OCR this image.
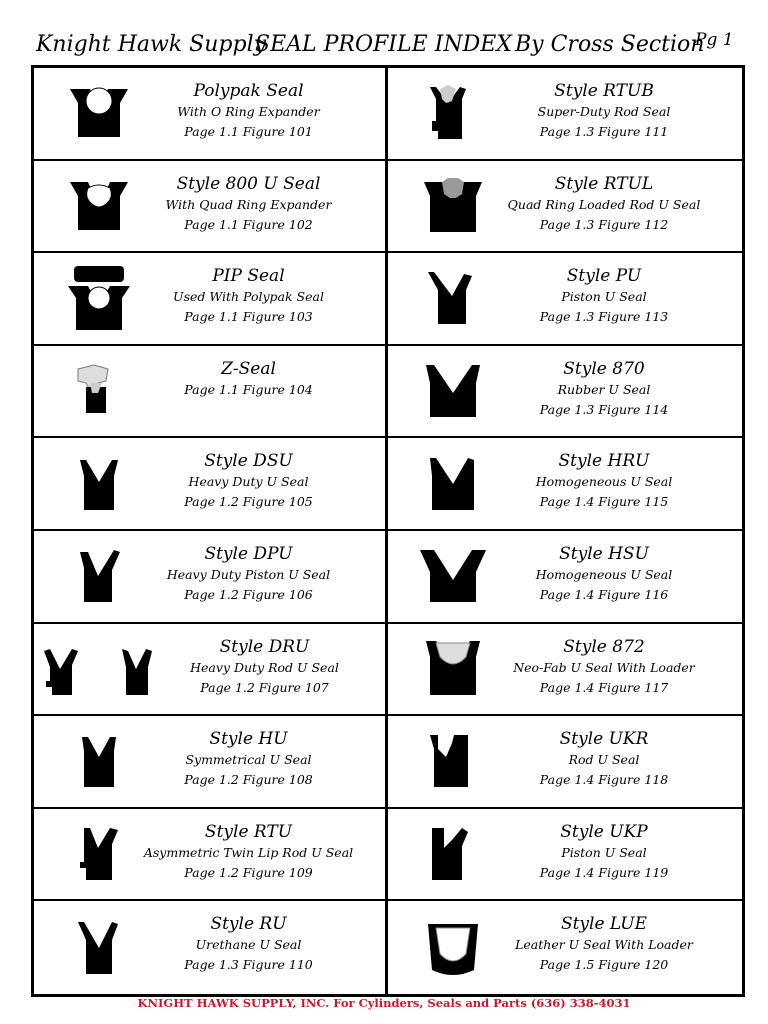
Knight Hawk Supply
SEAL PROFILE INDEX By Cross Section
Pg 1
Polypak Seal
With O Ring Expander
Page 1.1 Figure 101
Style RTUB
Super-Duty Rod Seal
Page 1.3 Figure 111
Style 800 U Seal
With Quad Ring Expander
Page 1.1 Figure 102
Style RTUL
Quad Ring Loaded Rod U Seal
Page 1.3 Figure 112
PIP Seal
Used With Polypak Seal
Page 1.1 Figure 103
Style PU
Piston U Seal
Page 1.3 Figure 113
Z-Seal
Page 1.1 Figure 104
Style 870
Rubber U Seal
Page 1.3 Figure 114
Style DSU
Heavy Duty U Seal
Page 1.2 Figure 105
Style HRU
Homogeneous U Seal
Page 1.4 Figure 115
Style DPU
Heavy Duty Piston U Seal
Page 1.2 Figure 106
Style HSU
Homogeneous U Seal
Page 1.4 Figure 116
Style DRU
Heavy Duty Rod U Seal
Page 1.2 Figure 107
Style 872
Neo-Fab U Seal With Loader
Page 1.4 Figure 117
Style HU
Symmetrical U Seal
Page 1.2 Figure 108
Style UKR
Rod U Seal
Page 1.4 Figure 118
Style RTU
Asymmetric Twin Lip Rod U Seal
Page 1.2 Figure 109
Style UKP
Piston U Seal
Page 1.4 Figure 119
Style RU
Urethane U Seal
Page 1.3 Figure 110
Style LUE
Leather U Seal With Loader
Page 1.5 Figure 120
KNIGHT HAWK SUPPLY, INC. For Cylinders, Seals and Parts (636) 338-4031
